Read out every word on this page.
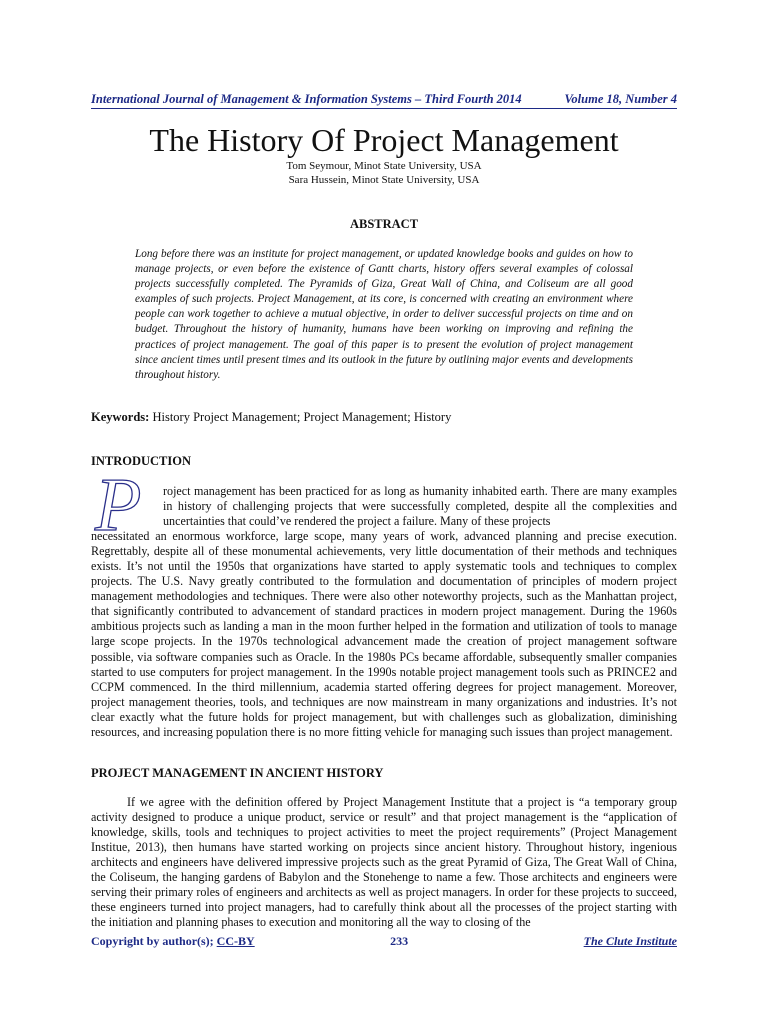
International Journal of Management & Information Systems – Third Fourth 2014	Volume 18, Number 4
The History Of Project Management
Tom Seymour, Minot State University, USA
Sara Hussein, Minot State University, USA
ABSTRACT

Long before there was an institute for project management, or updated knowledge books and guides on how to manage projects, or even before the existence of Gantt charts, history offers several examples of colossal projects successfully completed. The Pyramids of Giza, Great Wall of China, and Coliseum are all good examples of such projects. Project Management, at its core, is concerned with creating an environment where people can work together to achieve a mutual objective, in order to deliver successful projects on time and on budget. Throughout the history of humanity, humans have been working on improving and refining the practices of project management. The goal of this paper is to present the evolution of project management since ancient times until present times and its outlook in the future by outlining major events and developments throughout history.

Keywords: History Project Management; Project Management; History
INTRODUCTION
P	roject management has been practiced for as long as humanity inhabited earth. There are many examples in history of challenging projects that were successfully completed, despite all the complexities and uncertainties that could’ve rendered the project a failure. Many of these projects
necessitated an enormous workforce, large scope, many years of work, advanced planning and precise execution. Regrettably, despite all of these monumental achievements, very little documentation of their methods and techniques exists. It’s not until the 1950s that organizations have started to apply systematic tools and techniques to complex projects. The U.S. Navy greatly contributed to the formulation and documentation of principles of modern project management methodologies and techniques. There were also other noteworthy projects, such as the Manhattan project, that significantly contributed to advancement of standard practices in modern project management. During the 1960s ambitious projects such as landing a man in the moon further helped in the formation and utilization of tools to manage large scope projects. In the 1970s technological advancement made the creation of project management software possible, via software companies such as Oracle. In the 1980s PCs became affordable, subsequently smaller companies started to use computers for project management. In the 1990s notable project management tools such as PRINCE2 and CCPM commenced. In the third millennium, academia started offering degrees for project management. Moreover, project management theories, tools, and techniques are now mainstream in many organizations and industries. It’s not clear exactly what the future holds for project management, but with challenges such as globalization, diminishing resources, and increasing population there is no more fitting vehicle for managing such issues than project management.

PROJECT MANAGEMENT IN ANCIENT HISTORY

If we agree with the definition offered by Project Management Institute that a project is “a temporary group activity designed to produce a unique product, service or result” and that project management is the “application of knowledge, skills, tools and techniques to project activities to meet the project requirements” (Project Management Institue, 2013), then humans have started working on projects since ancient history. Throughout history, ingenious architects and engineers have delivered impressive projects such as the great Pyramid of Giza, The Great Wall of China, the Coliseum, the hanging gardens of Babylon and the Stonehenge to name a few. Those architects and engineers were serving their primary roles of engineers and architects as well as project managers. In order for these projects to succeed, these engineers turned into project managers, had to carefully think about all the processes of the project starting with the initiation and planning phases to execution and monitoring all the way to closing of the

Copyright by author(s); CC-BY	233	The Clute Institute
